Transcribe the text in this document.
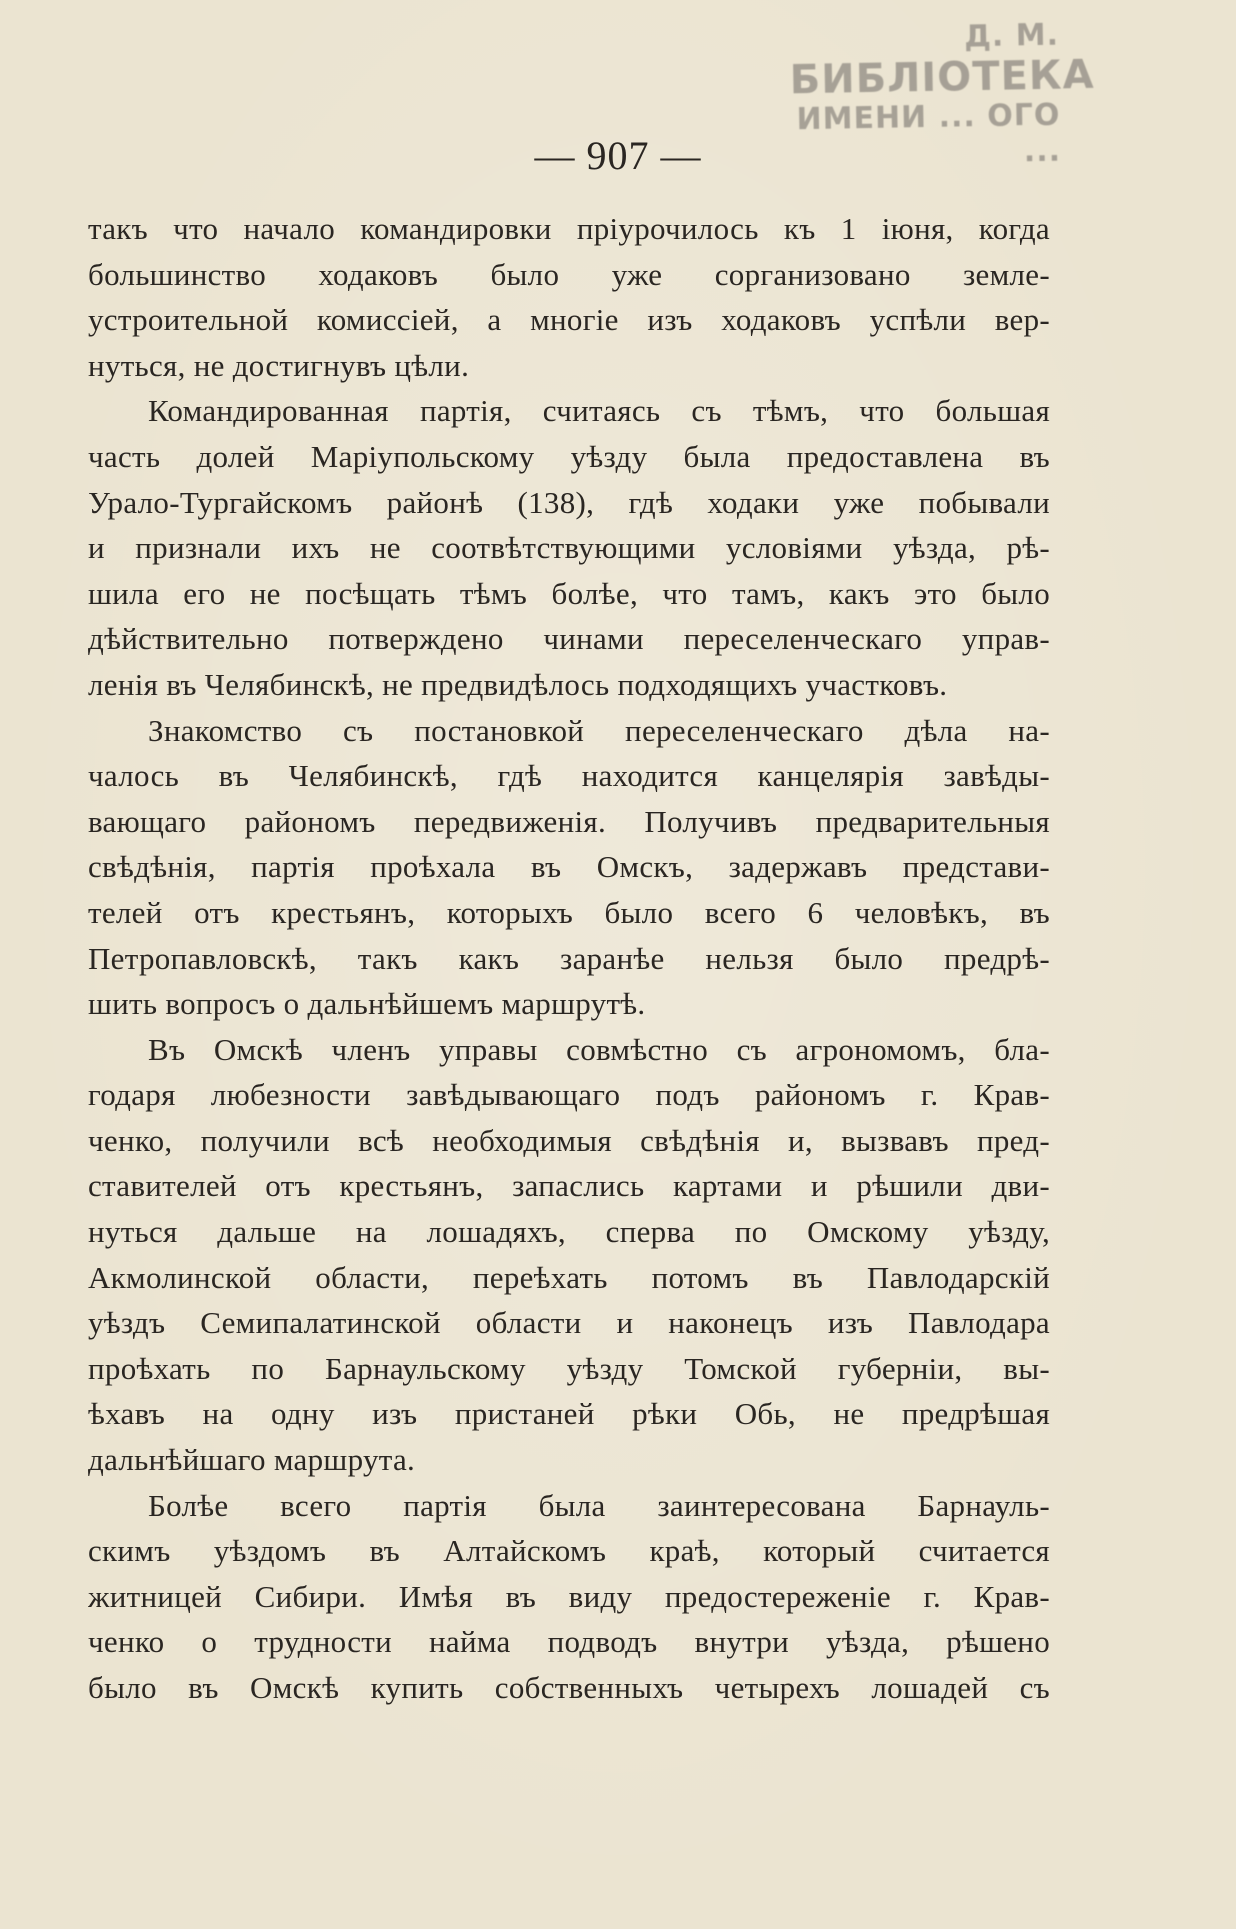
Д. М.
БИБЛІОТЕКА
ИМЕНИ ... ОГО
...
— 907 —
такъ что начало командировки пріурочилось къ 1 іюня, когда
большинство ходаковъ было уже сорганизовано земле-
устроительной комиссіей, а многіе изъ ходаковъ успѣли вер-
нуться, не достигнувъ цѣли.
Командированная партія, считаясь съ тѣмъ, что большая
часть долей Маріупольскому уѣзду была предоставлена въ
Урало-Тургайскомъ районѣ (138), гдѣ ходаки уже побывали
и признали ихъ не соотвѣтствующими условіями уѣзда, рѣ-
шила его не посѣщать тѣмъ болѣе, что тамъ, какъ это было
дѣйствительно потверждено чинами переселенческаго управ-
ленія въ Челябинскѣ, не предвидѣлось подходящихъ участковъ.
Знакомство съ постановкой переселенческаго дѣла на-
чалось въ Челябинскѣ, гдѣ находится канцелярія завѣды-
вающаго райономъ передвиженія. Получивъ предварительныя
свѣдѣнія, партія проѣхала въ Омскъ, задержавъ представи-
телей отъ крестьянъ, которыхъ было всего 6 человѣкъ, въ
Петропавловскѣ, такъ какъ заранѣе нельзя было предрѣ-
шить вопросъ о дальнѣйшемъ маршрутѣ.
Въ Омскѣ членъ управы совмѣстно съ агрономомъ, бла-
годаря любезности завѣдывающаго подъ райономъ г. Крав-
ченко, получили всѣ необходимыя свѣдѣнія и, вызвавъ пред-
ставителей отъ крестьянъ, запаслись картами и рѣшили дви-
нуться дальше на лошадяхъ, сперва по Омскому уѣзду,
Акмолинской области, переѣхать потомъ въ Павлодарскій
уѣздъ Семипалатинской области и наконецъ изъ Павлодара
проѣхать по Барнаульскому уѣзду Томской губерніи, вы-
ѣхавъ на одну изъ пристаней рѣки Обь, не предрѣшая
дальнѣйшаго маршрута.
Болѣе всего партія была заинтересована Барнауль-
скимъ уѣздомъ въ Алтайскомъ краѣ, который считается
житницей Сибири. Имѣя въ виду предостереженіе г. Крав-
ченко о трудности найма подводъ внутри уѣзда, рѣшено
было въ Омскѣ купить собственныхъ четырехъ лошадей съ
